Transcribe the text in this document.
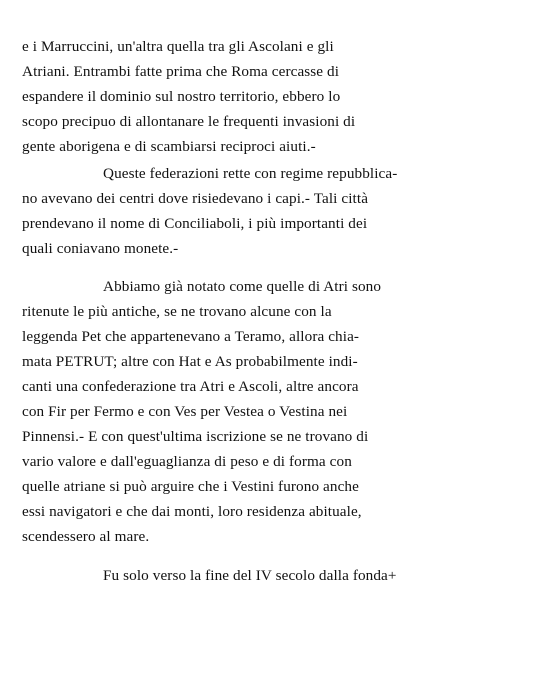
e i Marruccini, un'altra quella tra gli Ascolani e gli
Atriani. Entrambi fatte prima che Roma cercasse di
espandere il dominio sul nostro territorio, ebbero lo
scopo precipuo di allontanare le frequenti invasioni di
gente aborigena e di scambiarsi reciproci aiuti.-
Queste federazioni rette con regime repubblica-
no avevano dei centri dove risiedevano i capi.- Tali città
prendevano il nome di Conciliaboli, i più importanti dei
quali coniavano monete.-
Abbiamo già notato come quelle di Atri sono
ritenute le più antiche, se ne trovano alcune con la
leggenda Pet che appartenevano a Teramo, allora chia-
mata PETRUT; altre con Hat e As probabilmente indi-
canti una confederazione tra Atri e Ascoli, altre ancora
con Fir per Fermo e con Ves per Vestea o Vestina nei
Pinnensi.- E con quest'ultima iscrizione se ne trovano di
vario valore e dall'eguaglianza di peso e di forma con
quelle atriane si può arguire che i Vestini furono anche
essi navigatori e che dai monti, loro residenza abituale,
scendessero al mare.
Fu solo verso la fine del IV secolo dalla fonda+
